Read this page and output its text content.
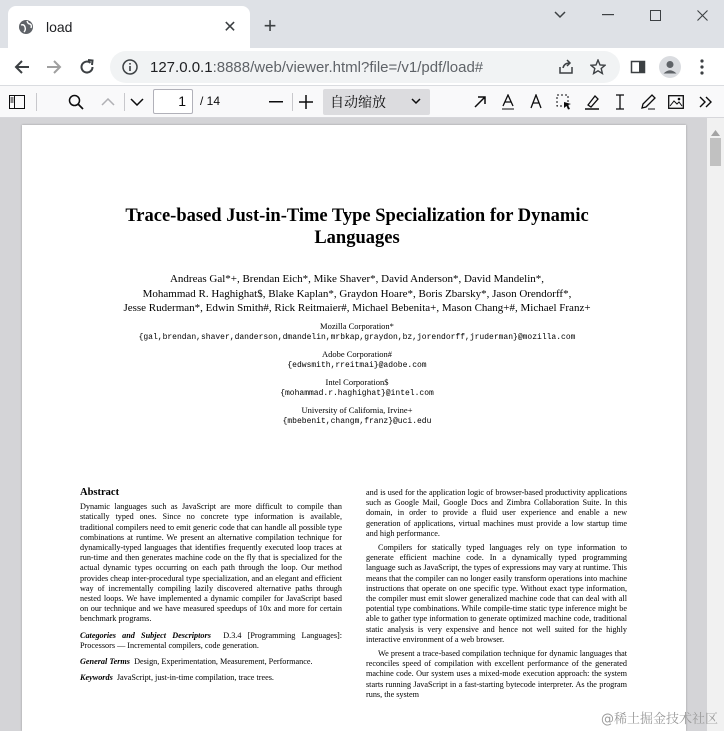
load	✕ +
127.0.0.1:8888/web/viewer.html?file=/v1/pdf/load#
1	/ 14	自动缩放
Trace-based Just-in-Time Type Specialization for Dynamic
Languages
Andreas Gal*+, Brendan Eich*, Mike Shaver*, David Anderson*, David Mandelin*,
Mohammad R. Haghighat$, Blake Kaplan*, Graydon Hoare*, Boris Zbarsky*, Jason Orendorff*,
Jesse Ruderman*, Edwin Smith#, Rick Reitmaier#, Michael Bebenita+, Mason Chang+#, Michael Franz+
Mozilla Corporation*
{gal,brendan,shaver,danderson,dmandelin,mrbkap,graydon,bz,jorendorff,jruderman}@mozilla.com
Adobe Corporation#
{edwsmith,rreitmai}@adobe.com
Intel Corporation$
{mohammad.r.haghighat}@intel.com
University of California, Irvine+
{mbebenit,changm,franz}@uci.edu
Abstract
Dynamic languages such as JavaScript are more difficult to compile than statically typed ones. Since no concrete type information is available, traditional compilers need to emit generic code that can handle all possible type combinations at runtime. We present an alternative compilation technique for dynamically-typed languages that identifies frequently executed loop traces at run-time and then generates machine code on the fly that is specialized for the actual dynamic types occurring on each path through the loop. Our method provides cheap inter-procedural type specialization, and an elegant and efficient way of incrementally compiling lazily discovered alternative paths through nested loops. We have implemented a dynamic compiler for JavaScript based on our technique and we have measured speedups of 10x and more for certain benchmark programs.
Categories and Subject Descriptors D.3.4 [Programming Languages]: Processors — Incremental compilers, code generation.
General Terms Design, Experimentation, Measurement, Performance.
Keywords JavaScript, just-in-time compilation, trace trees.
and is used for the application logic of browser-based productivity applications such as Google Mail, Google Docs and Zimbra Collaboration Suite. In this domain, in order to provide a fluid user experience and enable a new generation of applications, virtual machines must provide a low startup time and high performance.
Compilers for statically typed languages rely on type information to generate efficient machine code. In a dynamically typed programming language such as JavaScript, the types of expressions may vary at runtime. This means that the compiler can no longer easily transform operations into machine instructions that operate on one specific type. Without exact type information, the compiler must emit slower generalized machine code that can deal with all potential type combinations. While compile-time static type inference might be able to gather type information to generate optimized machine code, traditional static analysis is very expensive and hence not well suited for the highly interactive environment of a web browser.
We present a trace-based compilation technique for dynamic languages that reconciles speed of compilation with excellent performance of the generated machine code. Our system uses a mixed-mode execution approach: the system starts running JavaScript in a fast-starting bytecode interpreter. As the program runs, the system
@稀土掘金技术社区
